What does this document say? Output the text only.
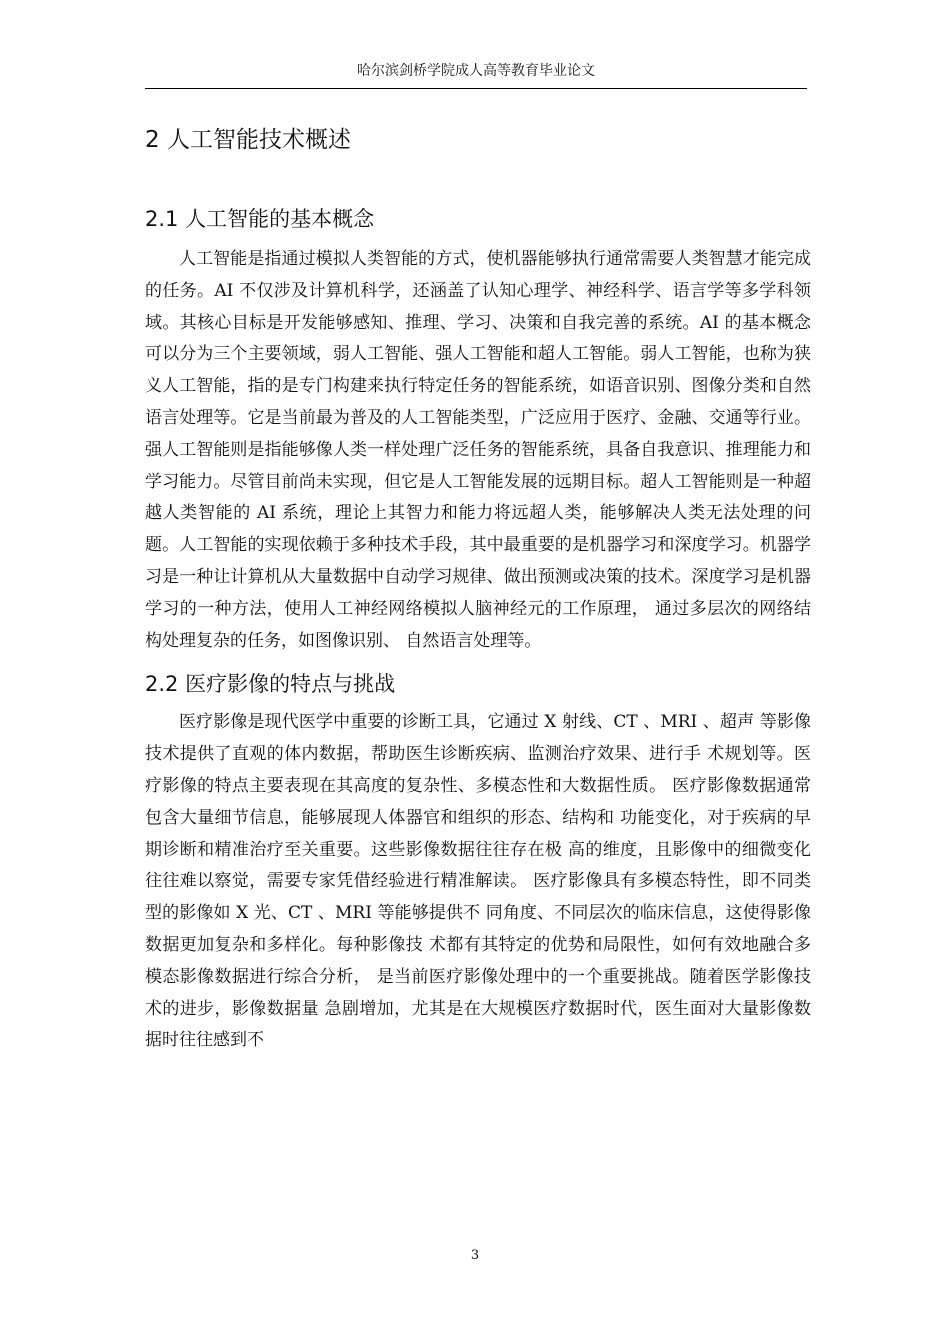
哈尔滨剑桥学院成人高等教育毕业论文
2 人工智能技术概述
2.1 人工智能的基本概念

人工智能是指通过模拟人类智能的方式，使机器能够执行通常需要人类智慧才能完成的任务。AI 不仅涉及计算机科学，还涵盖了认知心理学、神经科学、语言学等多学科领域。其核心目标是开发能够感知、推理、学习、决策和自我完善的系统。AI 的基本概念可以分为三个主要领域，弱人工智能、强人工智能和超人工智能。弱人工智能，也称为狭义人工智能，指的是专门构建来执行特定任务的智能系统，如语音识别、图像分类和自然语言处理等。它是当前最为普及的人工智能类型，广泛应用于医疗、金融、交通等行业。强人工智能则是指能够像人类一样处理广泛任务的智能系统，具备自我意识、推理能力和学习能力。尽管目前尚未实现，但它是人工智能发展的远期目标。超人工智能则是一种超越人类智能的 AI 系统，理论上其智力和能力将远超人类，能够解决人类无法处理的问题。人工智能的实现依赖于多种技术手段，其中最重要的是机器学习和深度学习。机器学习是一种让计算机从大量数据中自动学习规律、做出预测或决策的技术。深度学习是机器学习的一种方法，使用人工神经网络模拟人脑神经元的工作原理， 通过多层次的网络结构处理复杂的任务，如图像识别、 自然语言处理等。

2.2 医疗影像的特点与挑战

医疗影像是现代医学中重要的诊断工具，它通过 X 射线、CT 、MRI 、超声 等影像技术提供了直观的体内数据，帮助医生诊断疾病、监测治疗效果、进行手 术规划等。医疗影像的特点主要表现在其高度的复杂性、多模态性和大数据性质。 医疗影像数据通常包含大量细节信息，能够展现人体器官和组织的形态、结构和 功能变化，对于疾病的早期诊断和精准治疗至关重要。这些影像数据往往存在极 高的维度，且影像中的细微变化往往难以察觉，需要专家凭借经验进行精准解读。 医疗影像具有多模态特性，即不同类型的影像如 X 光、CT 、MRI 等能够提供不 同角度、不同层次的临床信息，这使得影像数据更加复杂和多样化。每种影像技 术都有其特定的优势和局限性，如何有效地融合多模态影像数据进行综合分析， 是当前医疗影像处理中的一个重要挑战。随着医学影像技术的进步，影像数据量 急剧增加，尤其是在大规模医疗数据时代，医生面对大量影像数据时往往感到不

3
